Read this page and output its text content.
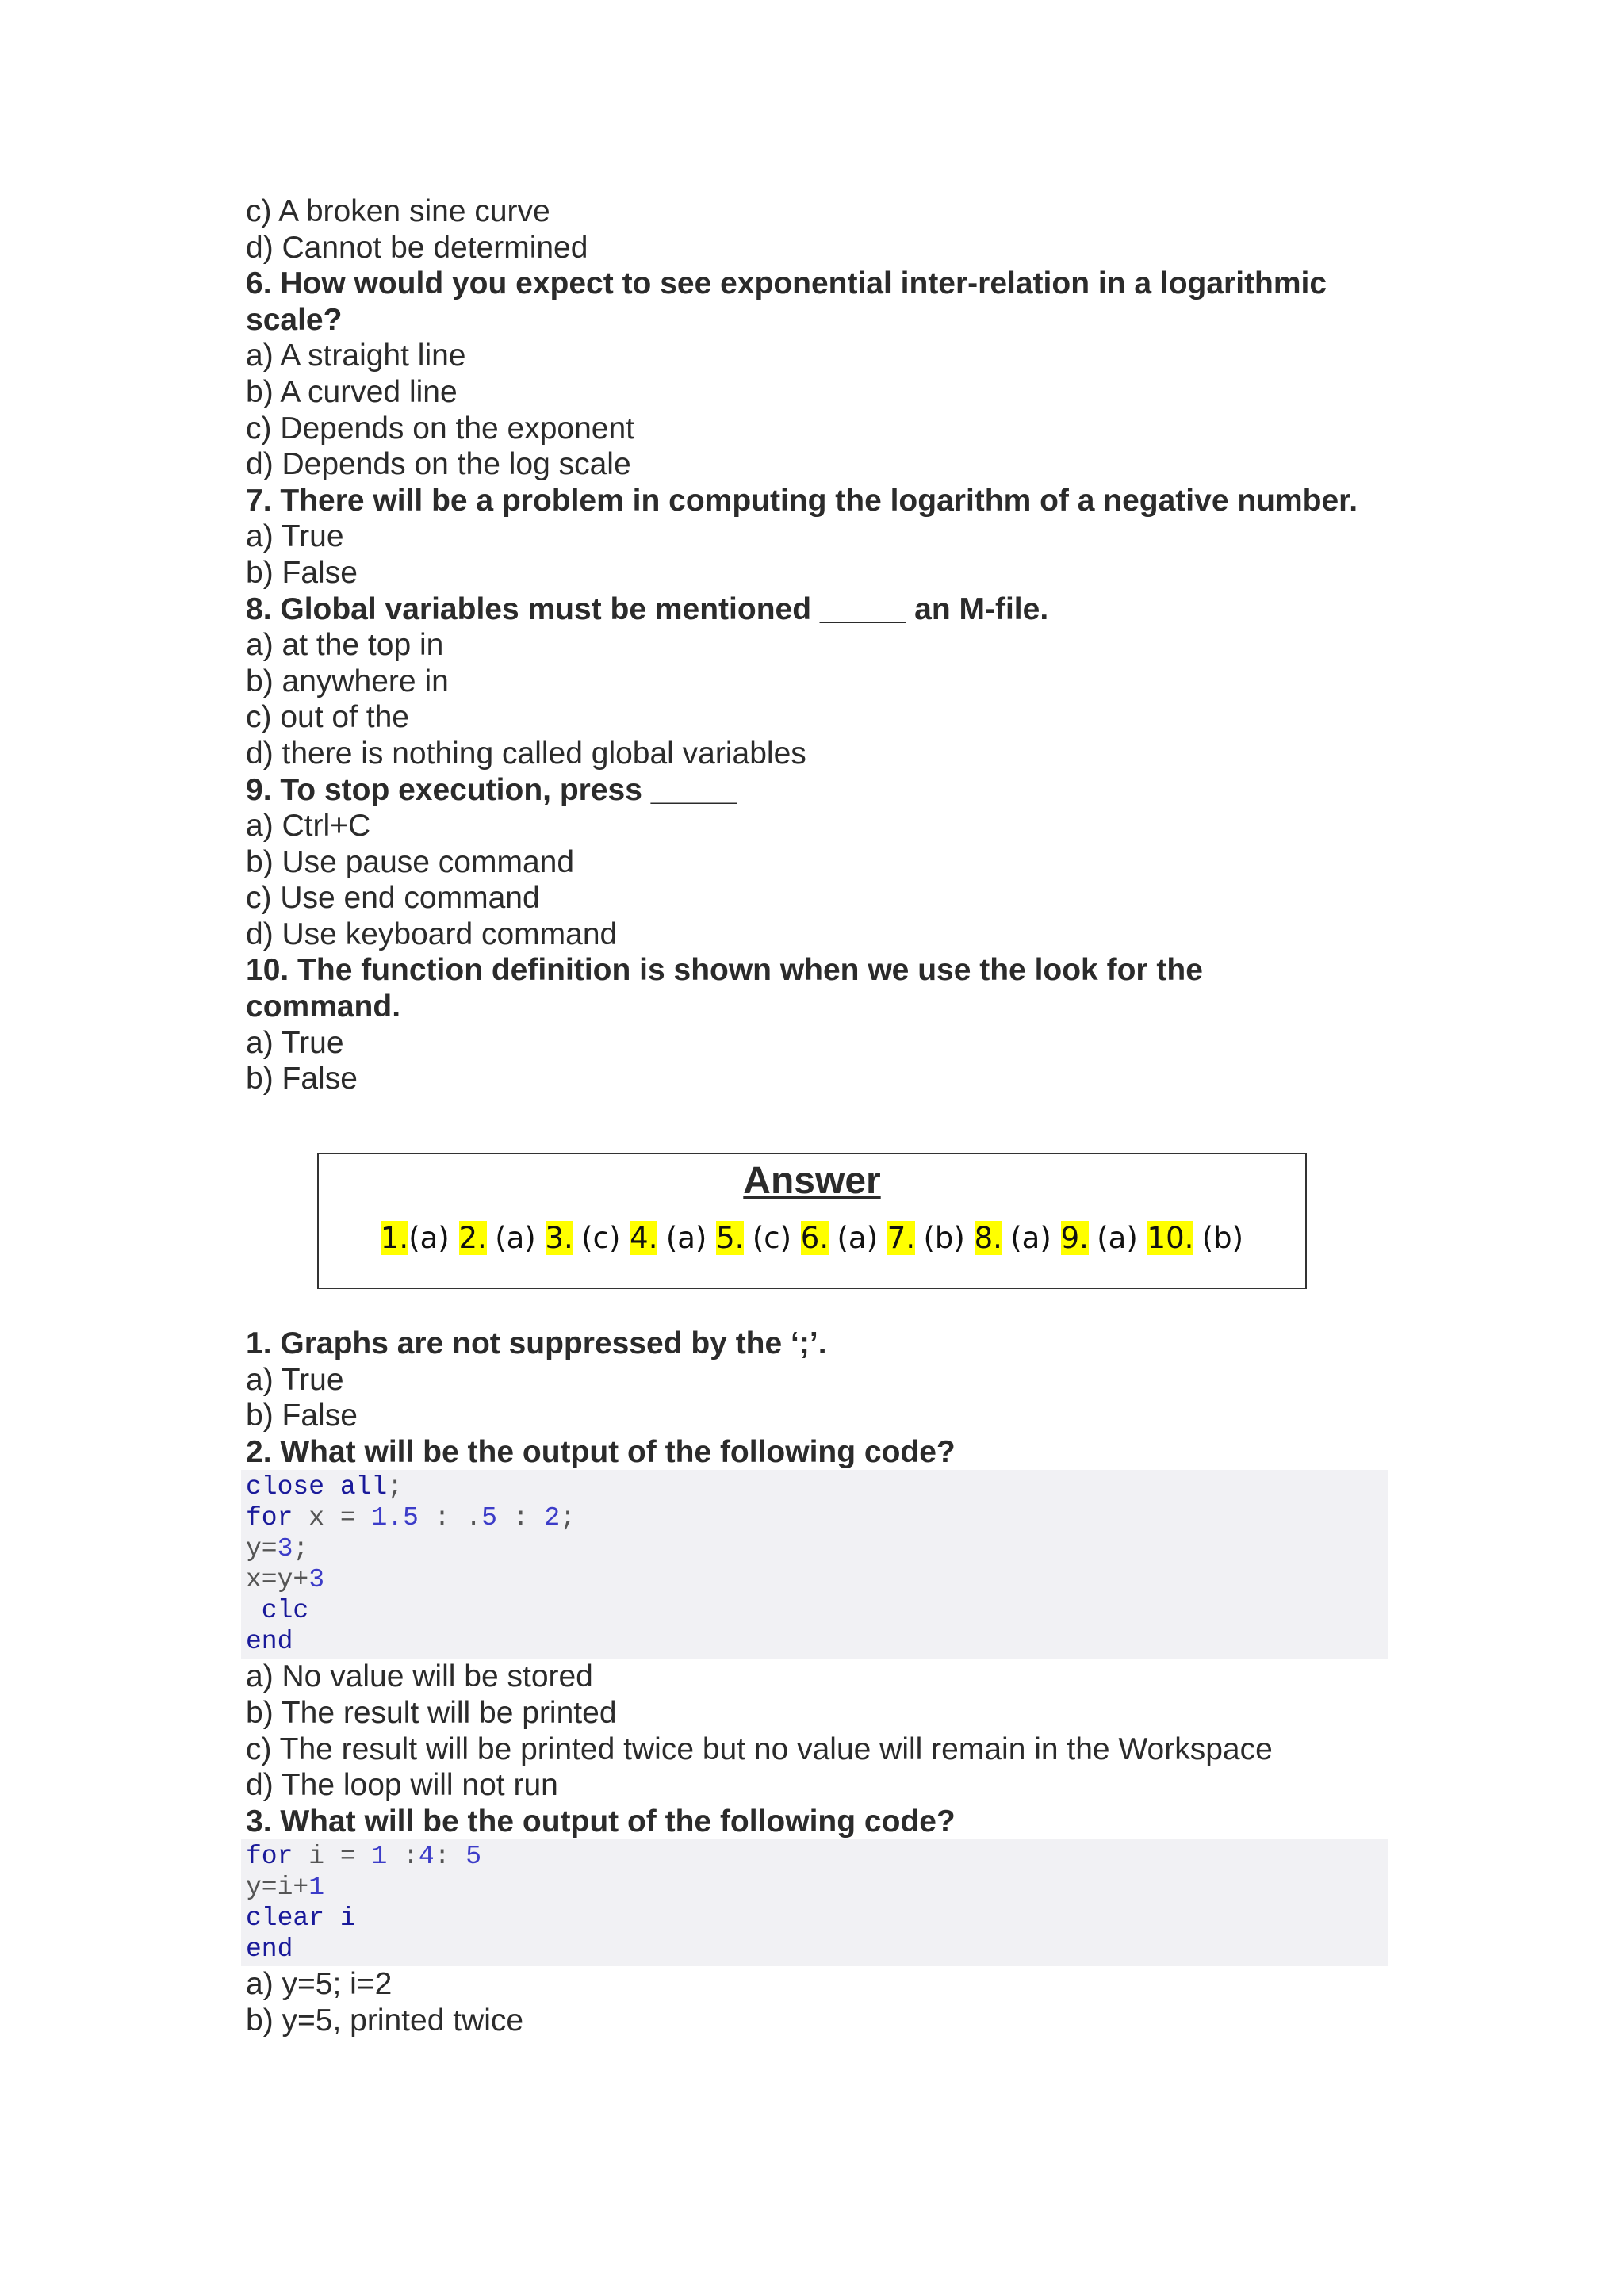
c) A broken sine curve
d) Cannot be determined
6. How would you expect to see exponential inter-relation in a logarithmic
scale?
a) A straight line
b) A curved line
c) Depends on the exponent
d) Depends on the log scale
7. There will be a problem in computing the logarithm of a negative number.
a) True
b) False
8. Global variables must be mentioned _____ an M-file.
a) at the top in
b) anywhere in
c) out of the
d) there is nothing called global variables
9. To stop execution, press _____
a) Ctrl+C
b) Use pause command
c) Use end command
d) Use keyboard command
10. The function definition is shown when we use the look for the
command.
a) True
b) False
Answer
1.(a) 2. (a) 3. (c) 4. (a) 5. (c) 6. (a) 7. (b) 8. (a) 9. (a) 10. (b)
1. Graphs are not suppressed by the ‘;’.
a) True
b) False
2. What will be the output of the following code?
close all;
for x = 1.5 : .5 : 2;
y=3;
x=y+3
clc
end
a) No value will be stored
b) The result will be printed
c) The result will be printed twice but no value will remain in the Workspace
d) The loop will not run
3. What will be the output of the following code?
for i = 1 :4: 5
y=i+1
clear i
end
a) y=5; i=2
b) y=5, printed twice
